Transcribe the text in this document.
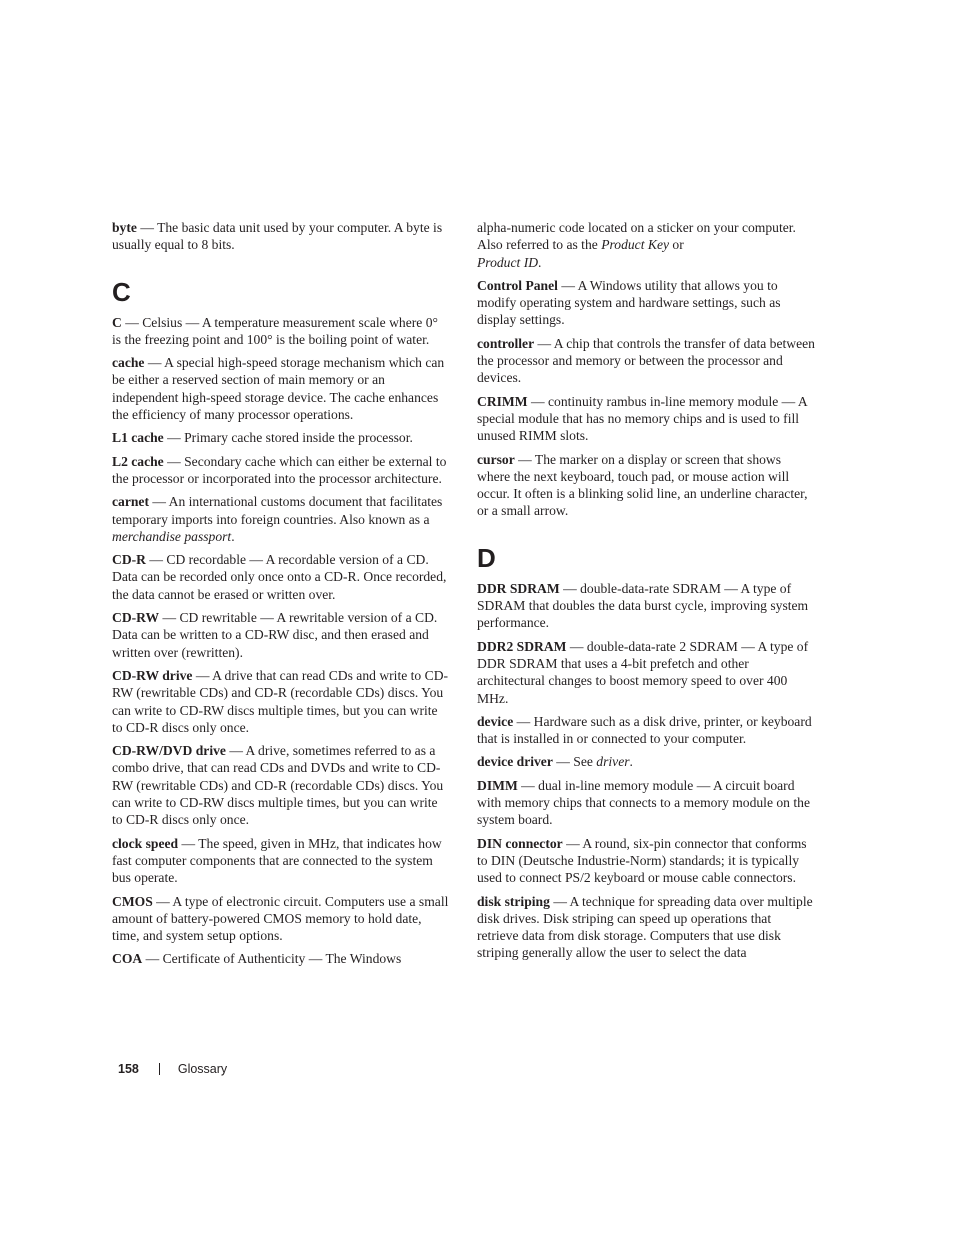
byte — The basic data unit used by your computer. A byte is usually equal to 8 bits.

C

C — Celsius — A temperature measurement scale where 0° is the freezing point and 100° is the boiling point of water.

cache — A special high-speed storage mechanism which can be either a reserved section of main memory or an independent high-speed storage device. The cache enhances the efficiency of many processor operations.

L1 cache — Primary cache stored inside the processor.

L2 cache — Secondary cache which can either be external to the processor or incorporated into the processor architecture.

carnet — An international customs document that facilitates temporary imports into foreign countries. Also known as a merchandise passport.

CD-R — CD recordable — A recordable version of a CD. Data can be recorded only once onto a CD-R. Once recorded, the data cannot be erased or written over.

CD-RW — CD rewritable — A rewritable version of a CD. Data can be written to a CD-RW disc, and then erased and written over (rewritten).

CD-RW drive — A drive that can read CDs and write to CD-RW (rewritable CDs) and CD-R (recordable CDs) discs. You can write to CD-RW discs multiple times, but you can write to CD-R discs only once.

CD-RW/DVD drive — A drive, sometimes referred to as a combo drive, that can read CDs and DVDs and write to CD-RW (rewritable CDs) and CD-R (recordable CDs) discs. You can write to CD-RW discs multiple times, but you can write to CD-R discs only once.

clock speed — The speed, given in MHz, that indicates how fast computer components that are connected to the system bus operate.

CMOS — A type of electronic circuit. Computers use a small amount of battery-powered CMOS memory to hold date, time, and system setup options.

COA — Certificate of Authenticity — The Windows

alpha-numeric code located on a sticker on your computer. Also referred to as the Product Key or
Product ID.

Control Panel — A Windows utility that allows you to modify operating system and hardware settings, such as display settings.

controller — A chip that controls the transfer of data between the processor and memory or between the processor and devices.

CRIMM — continuity rambus in-line memory module — A special module that has no memory chips and is used to fill unused RIMM slots.

cursor — The marker on a display or screen that shows where the next keyboard, touch pad, or mouse action will occur. It often is a blinking solid line, an underline character, or a small arrow.

D

DDR SDRAM — double-data-rate SDRAM — A type of SDRAM that doubles the data burst cycle, improving system performance.

DDR2 SDRAM — double-data-rate 2 SDRAM — A type of DDR SDRAM that uses a 4-bit prefetch and other architectural changes to boost memory speed to over 400 MHz.

device — Hardware such as a disk drive, printer, or keyboard that is installed in or connected to your computer.

device driver — See driver.

DIMM — dual in-line memory module — A circuit board with memory chips that connects to a memory module on the system board.

DIN connector — A round, six-pin connector that conforms to DIN (Deutsche Industrie-Norm) standards; it is typically used to connect PS/2 keyboard or mouse cable connectors.

disk striping — A technique for spreading data over multiple disk drives. Disk striping can speed up operations that retrieve data from disk storage. Computers that use disk striping generally allow the user to select the data

158	Glossary
